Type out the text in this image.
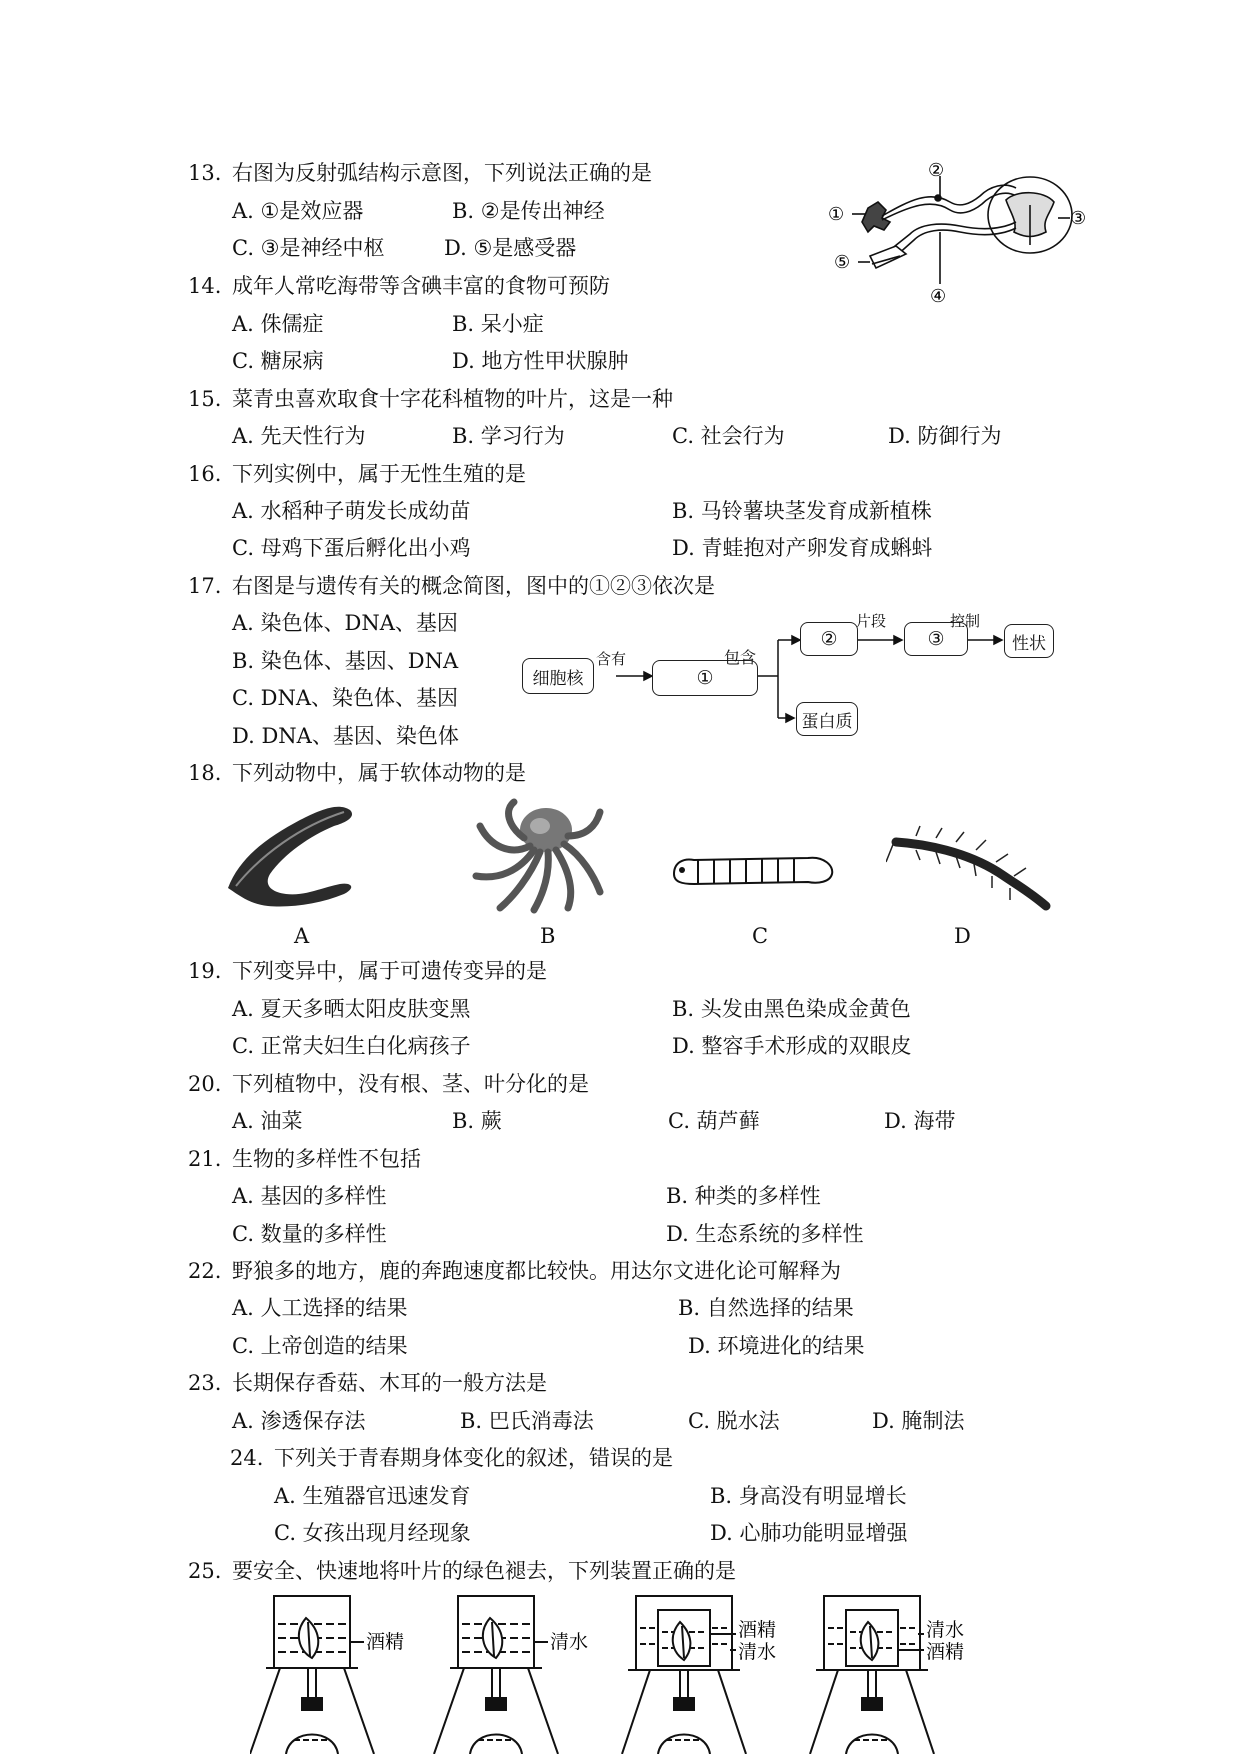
13. 右图为反射弧结构示意图，下列说法正确的是
A. ①是效应器	B. ②是传出神经
C. ③是神经中枢	D. ⑤是感受器
①
②
③
④
⑤
14. 成年人常吃海带等含碘丰富的食物可预防
A. 侏儒症	B. 呆小症
C. 糖尿病	D. 地方性甲状腺肿
15. 菜青虫喜欢取食十字花科植物的叶片，这是一种
A. 先天性行为	B. 学习行为	C. 社会行为	D. 防御行为
16. 下列实例中，属于无性生殖的是
A. 水稻种子萌发长成幼苗	B. 马铃薯块茎发育成新植株
C. 母鸡下蛋后孵化出小鸡	D. 青蛙抱对产卵发育成蝌蚪
17. 右图是与遗传有关的概念简图，图中的①②③依次是
A. 染色体、DNA、基因
B. 染色体、基因、DNA
C. DNA、染色体、基因
D. DNA、基因、染色体
细胞核
含有
①
包含
②
片段
③
控制
性状
蛋白质
18. 下列动物中，属于软体动物的是
A	B	C	D
19. 下列变异中，属于可遗传变异的是
A. 夏天多晒太阳皮肤变黑	B. 头发由黑色染成金黄色
C. 正常夫妇生白化病孩子	D. 整容手术形成的双眼皮
20. 下列植物中，没有根、茎、叶分化的是
A. 油菜	B. 蕨	C. 葫芦藓	D. 海带
21. 生物的多样性不包括
A. 基因的多样性	B. 种类的多样性
C. 数量的多样性	D. 生态系统的多样性
22. 野狼多的地方，鹿的奔跑速度都比较快。用达尔文进化论可解释为
A. 人工选择的结果	B. 自然选择的结果
C. 上帝创造的结果	D. 环境进化的结果
23. 长期保存香菇、木耳的一般方法是
A. 渗透保存法	B. 巴氏消毒法	C. 脱水法	D. 腌制法
24. 下列关于青春期身体变化的叙述，错误的是
A. 生殖器官迅速发育	B. 身高没有明显增长
C. 女孩出现月经现象	D. 心肺功能明显增强
25. 要安全、快速地将叶片的绿色褪去，下列装置正确的是
酒精	清水
酒精
清水
清水
酒精
